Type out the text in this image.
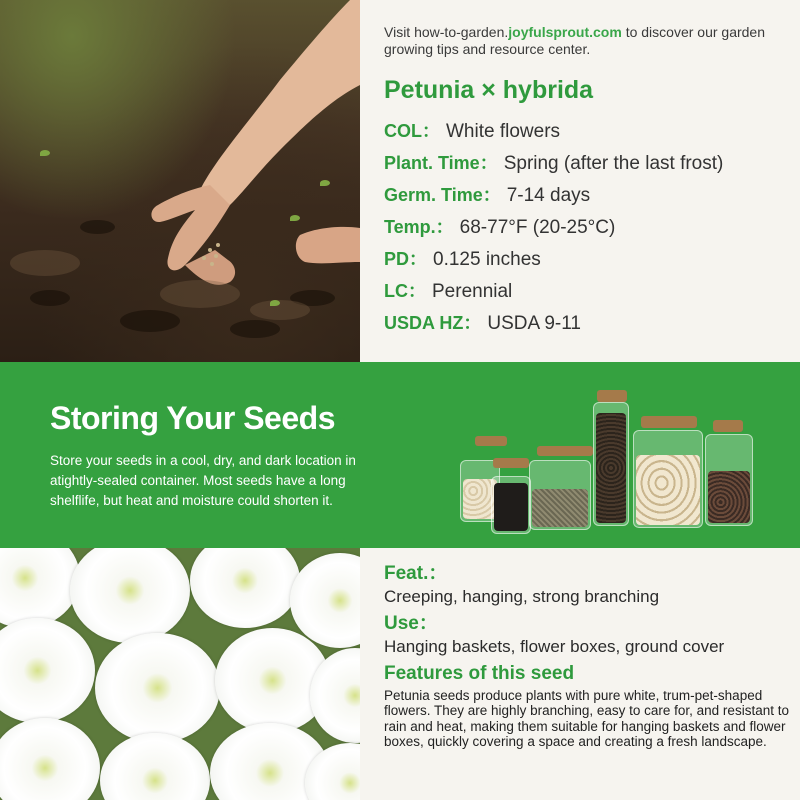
Visit how-to-garden.joyfulsprout.com to discover our garden growing tips and resource center.
Petunia × hybrida
COL： White flowers
Plant. Time： Spring (after the last frost)
Germ. Time： 7-14 days
Temp.： 68-77°F (20-25°C)
PD： 0.125 inches
LC： Perennial
USDA HZ： USDA 9-11
Storing Your Seeds
Store your seeds in a cool, dry, and dark location in atightly-sealed container. Most seeds have a long shelflife, but heat and moisture could shorten it.
Feat.：
Creeping, hanging, strong branching
Use：
Hanging baskets, flower boxes, ground cover
Features of this seed
Petunia seeds produce plants with pure white, trum-pet-shaped flowers. They are highly branching, easy to care for, and resistant to rain and heat, making them suitable for hanging baskets and flower boxes, quickly covering a space and creating a fresh landscape.
